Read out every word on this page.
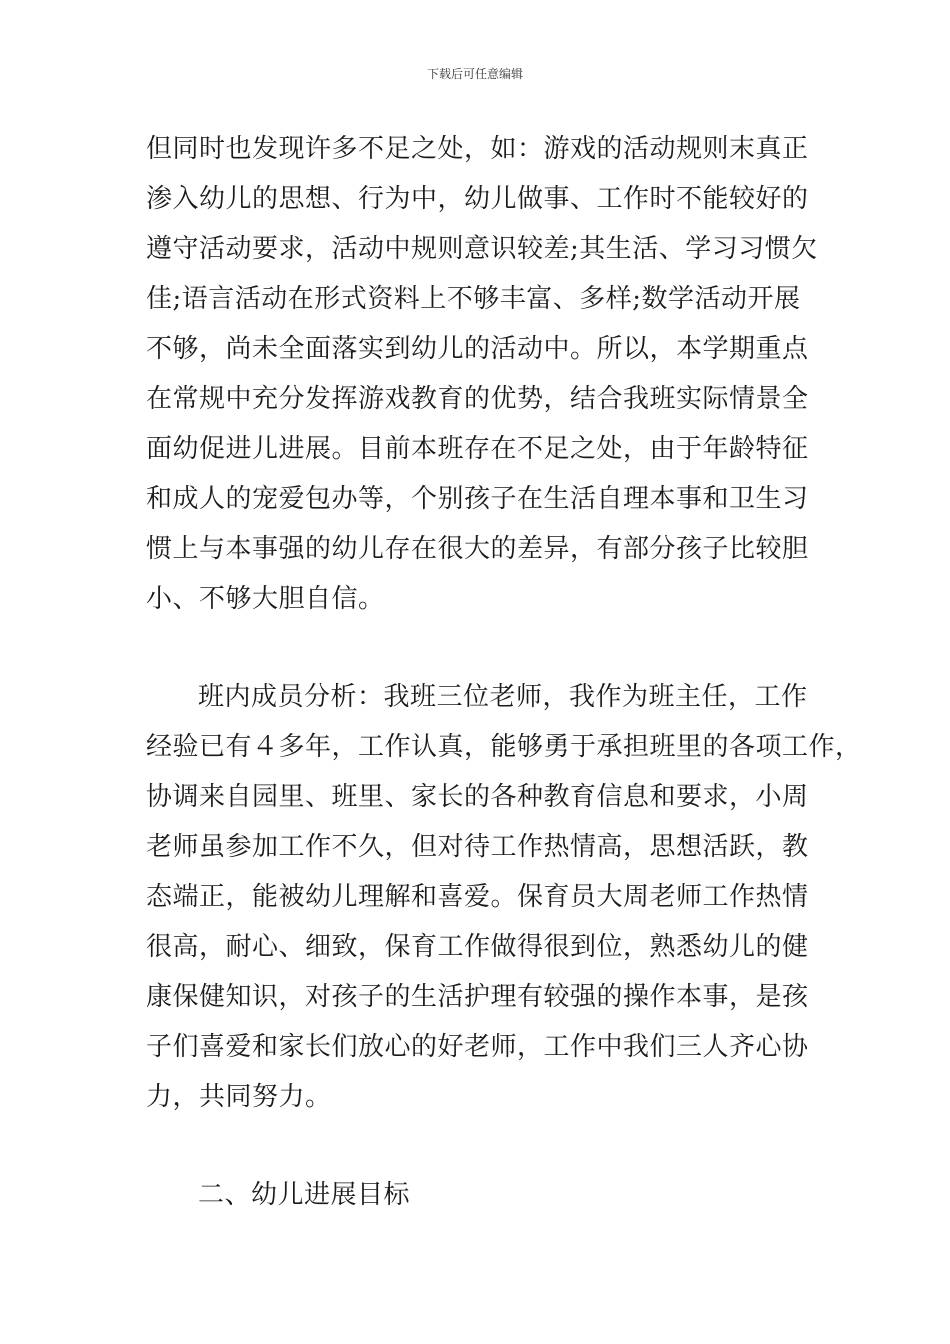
下载后可任意编辑
但同时也发现许多不足之处，如：游戏的活动规则末真正
渗入幼儿的思想、行为中，幼儿做事、工作时不能较好的
遵守活动要求，活动中规则意识较差;其生活、学习习惯欠
佳;语言活动在形式资料上不够丰富、多样;数学活动开展
不够，尚未全面落实到幼儿的活动中。所以，本学期重点
在常规中充分发挥游戏教育的优势，结合我班实际情景全
面幼促进儿进展。目前本班存在不足之处，由于年龄特征
和成人的宠爱包办等，个别孩子在生活自理本事和卫生习
惯上与本事强的幼儿存在很大的差异，有部分孩子比较胆
小、不够大胆自信。
班内成员分析：我班三位老师，我作为班主任，工作
经验已有４多年，工作认真，能够勇于承担班里的各项工作，
协调来自园里、班里、家长的各种教育信息和要求，小周
老师虽参加工作不久，但对待工作热情高，思想活跃，教
态端正，能被幼儿理解和喜爱。保育员大周老师工作热情
很高，耐心、细致，保育工作做得很到位，熟悉幼儿的健
康保健知识，对孩子的生活护理有较强的操作本事，是孩
子们喜爱和家长们放心的好老师，工作中我们三人齐心协
力，共同努力。
二、幼儿进展目标
